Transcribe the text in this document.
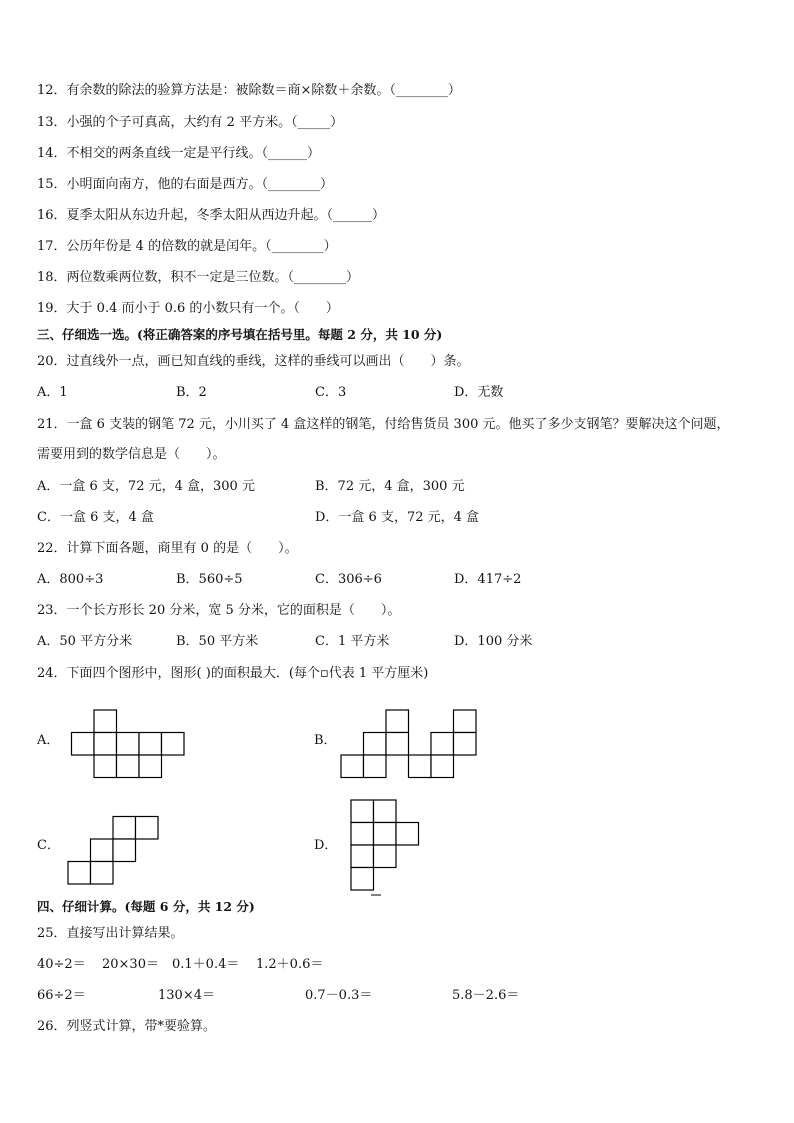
12．有余数的除法的验算方法是：被除数＝商×除数＋余数。（________）
13．小强的个子可真高，大约有 2 平方米。（_____）
14．不相交的两条直线一定是平行线。（______）
15．小明面向南方，他的右面是西方。（________）
16．夏季太阳从东边升起，冬季太阳从西边升起。（______）
17．公历年份是 4 的倍数的就是闰年。（________）
18．两位数乘两位数，积不一定是三位数。（________）
19．大于 0.4 而小于 0.6 的小数只有一个。（　　）
三、仔细选一选。(将正确答案的序号填在括号里。每题 2 分，共 10 分)
20．过直线外一点，画已知直线的垂线，这样的垂线可以画出（　　）条。
A．1	B．2	C．3	D．无数
21．一盒 6 支装的钢笔 72 元，小川买了 4 盒这样的钢笔，付给售货员 300 元。他买了多少支钢笔？要解决这个问题，
需要用到的数学信息是（　　）。
A．一盒 6 支，72 元，4 盒，300 元	B．72 元，4 盒，300 元
C．一盒 6 支，4 盒	D．一盒 6 支，72 元，4 盒
22．计算下面各题，商里有 0 的是（　　）。
A．800÷3	B．560÷5	C．306÷6	D．417÷2
23．一个长方形长 20 分米，宽 5 分米，它的面积是（　　）。
A．50 平方分米	B．50 平方米	C．1 平方米	D．100 分米
24．下面四个图形中，图形( )的面积最大．(每个▫代表 1 平方厘米)
A．	B．
C．	D．
四、仔细计算。(每题 6 分，共 12 分)
25．直接写出计算结果。
40÷2＝ 20×30＝ 0.1＋0.4＝ 1.2＋0.6＝
66÷2＝	130×4＝	0.7－0.3＝	5.8－2.6＝
26．列竖式计算，带*要验算。
